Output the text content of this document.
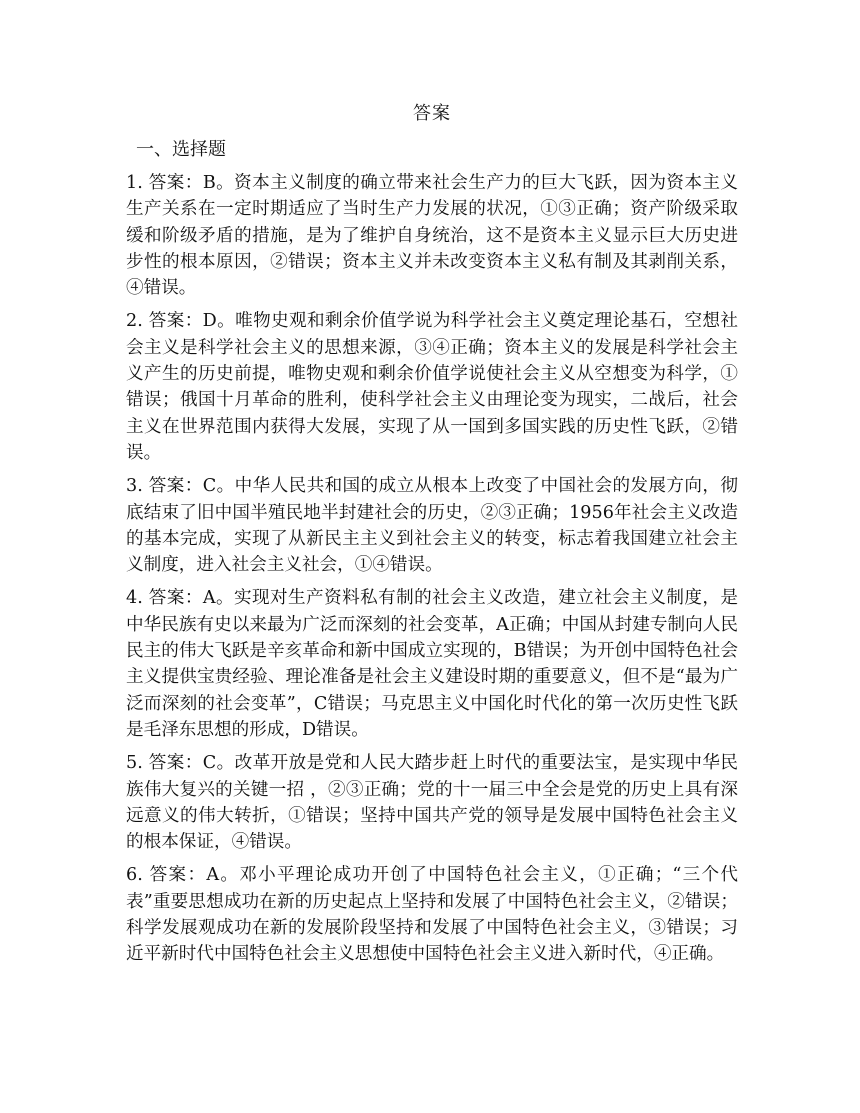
答案
一、选择题

1. 答案：B。资本主义制度的确立带来社会生产力的巨大飞跃，因为资本主义生产关系在一定时期适应了当时生产力发展的状况，①③正确；资产阶级采取缓和阶级矛盾的措施，是为了维护自身统治，这不是资本主义显示巨大历史进步性的根本原因，②错误；资本主义并未改变资本主义私有制及其剥削关系，④错误。

2. 答案：D。唯物史观和剩余价值学说为科学社会主义奠定理论基石，空想社会主义是科学社会主义的思想来源，③④正确；资本主义的发展是科学社会主义产生的历史前提，唯物史观和剩余价值学说使社会主义从空想变为科学，①错误；俄国十月革命的胜利，使科学社会主义由理论变为现实，二战后，社会主义在世界范围内获得大发展，实现了从一国到多国实践的历史性飞跃，②错误。

3. 答案：C。中华人民共和国的成立从根本上改变了中国社会的发展方向，彻底结束了旧中国半殖民地半封建社会的历史，②③正确；1956年社会主义改造的基本完成，实现了从新民主主义到社会主义的转变，标志着我国建立社会主义制度，进入社会主义社会，①④错误。

4. 答案：A。实现对生产资料私有制的社会主义改造，建立社会主义制度，是中华民族有史以来最为广泛而深刻的社会变革，A正确；中国从封建专制向人民民主的伟大飞跃是辛亥革命和新中国成立实现的，B错误；为开创中国特色社会主义提供宝贵经验、理论准备是社会主义建设时期的重要意义，但不是“最为广泛而深刻的社会变革”，C错误；马克思主义中国化时代化的第一次历史性飞跃是毛泽东思想的形成，D错误。

5. 答案：C。改革开放是党和人民大踏步赶上时代的重要法宝，是实现中华民族伟大复兴的关键一招 ，②③正确；党的十一届三中全会是党的历史上具有深远意义的伟大转折，①错误；坚持中国共产党的领导是发展中国特色社会主义的根本保证，④错误。

6. 答案：A。邓小平理论成功开创了中国特色社会主义，①正确；“三个代表”重要思想成功在新的历史起点上坚持和发展了中国特色社会主义，②错误；科学发展观成功在新的发展阶段坚持和发展了中国特色社会主义，③错误；习近平新时代中国特色社会主义思想使中国特色社会主义进入新时代，④正确。
